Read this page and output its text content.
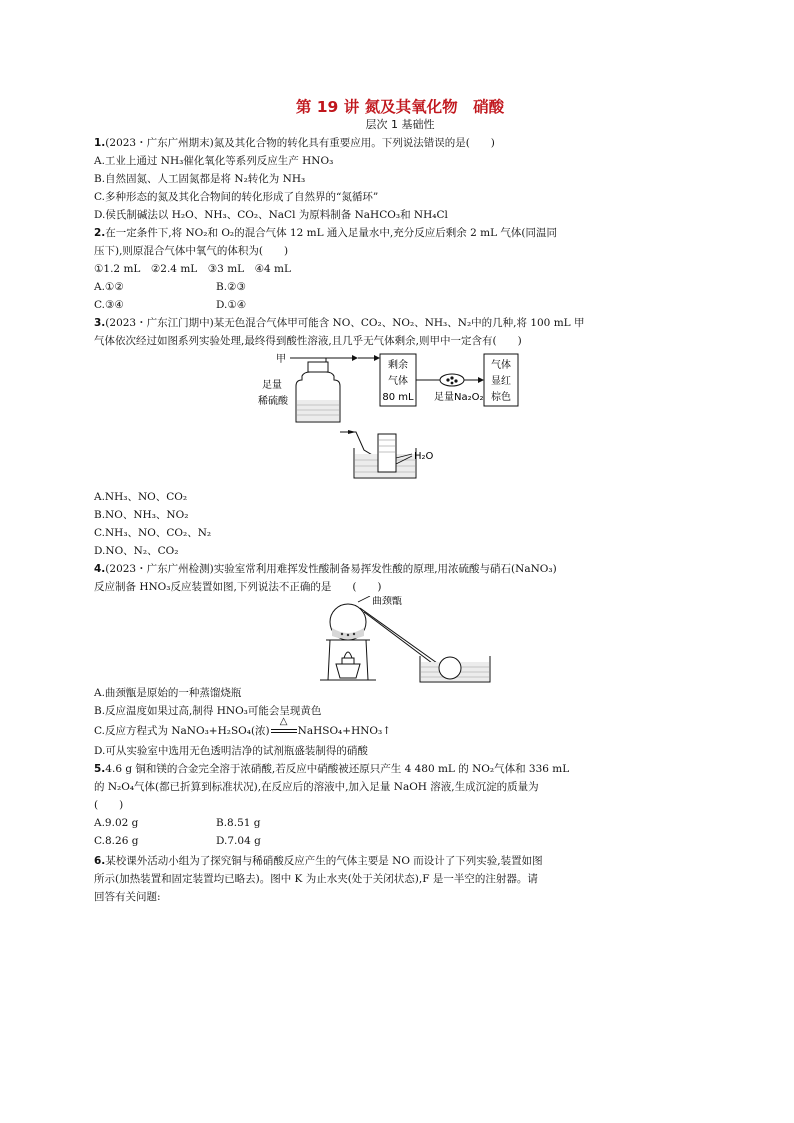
第 19 讲 氮及其氧化物　硝酸
层次 1 基础性
1.(2023・广东广州期末)氮及其化合物的转化具有重要应用。下列说法错误的是(　　)
A.工业上通过 NH₃催化氧化等系列反应生产 HNO₃
B.自然固氮、人工固氮都是将 N₂转化为 NH₃
C.多种形态的氮及其化合物间的转化形成了自然界的“氮循环”
D.侯氏制碱法以 H₂O、NH₃、CO₂、NaCl 为原料制备 NaHCO₃和 NH₄Cl
2.在一定条件下,将 NO₂和 O₂的混合气体 12 mL 通入足量水中,充分反应后剩余 2 mL 气体(同温同
压下),则原混合气体中氧气的体积为(　　)
①1.2 mL　②2.4 mL　③3 mL　④4 mL
A.①②	B.②③
C.③④	D.①④
3.(2023・广东江门期中)某无色混合气体甲可能含 NO、CO₂、NO₂、NH₃、N₂中的几种,将 100 mL 甲
气体依次经过如图系列实验处理,最终得到酸性溶液,且几乎无气体剩余,则甲中一定含有(　　)
甲
足量
稀硫酸
剩余
气体
80 mL 足量Na₂O₂
气体
显红
棕色
H₂O
A.NH₃、NO、CO₂
B.NO、NH₃、NO₂
C.NH₃、NO、CO₂、N₂
D.NO、N₂、CO₂
4.(2023・广东广州检测)实验室常利用难挥发性酸制备易挥发性酸的原理,用浓硫酸与硝石(NaNO₃)
反应制备 HNO₃反应装置如图,下列说法不正确的是　　(　　)
曲颈甑
A.曲颈甑是原始的一种蒸馏烧瓶
B.反应温度如果过高,制得 HNO₃可能会呈现黄色
C.反应方程式为 NaNO₃+H₂SO₄(浓)
△
NaHSO₄+HNO₃↑
D.可从实验室中选用无色透明洁净的试剂瓶盛装制得的硝酸
5.4.6 g 铜和镁的合金完全溶于浓硝酸,若反应中硝酸被还原只产生 4 480 mL 的 NO₂气体和 336 mL
的 N₂O₄气体(都已折算到标准状况),在反应后的溶液中,加入足量 NaOH 溶液,生成沉淀的质量为
(　　)
A.9.02 g	B.8.51 g
C.8.26 g	D.7.04 g
6.某校课外活动小组为了探究铜与稀硝酸反应产生的气体主要是 NO 而设计了下列实验,装置如图
所示(加热装置和固定装置均已略去)。图中 K 为止水夹(处于关闭状态),F 是一半空的注射器。请
回答有关问题:
